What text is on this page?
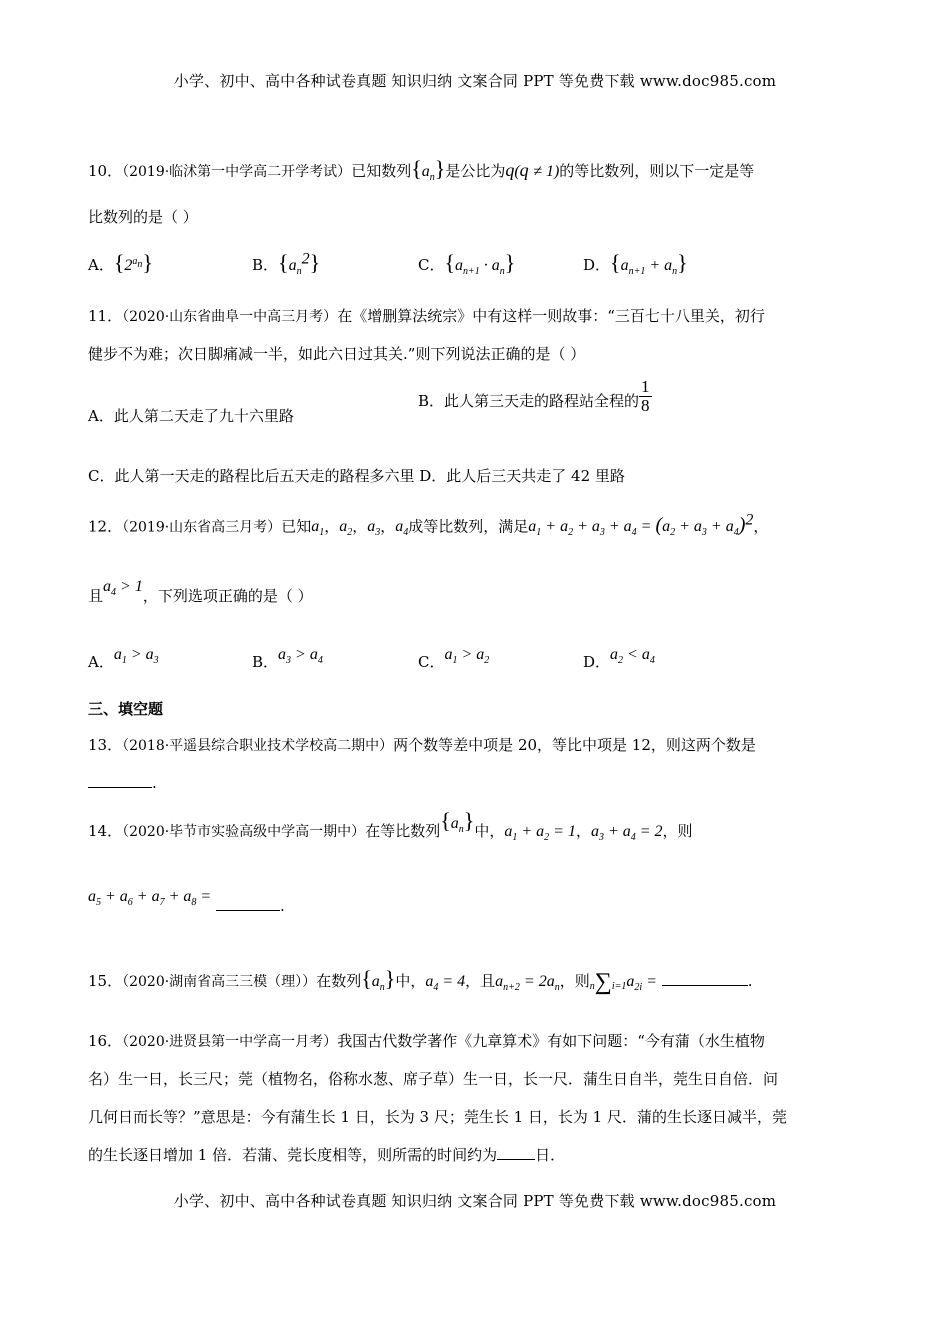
小学、初中、高中各种试卷真题 知识归纳 文案合同 PPT 等免费下载 www.doc985.com
10．（2019·临沭第一中学高二开学考试）已知数列$\{a_n\}$是公比为q(q ≠ 1)的等比数列，则以下一定是等
比数列的是（ ）
A．$\{2^{a_n}\}$	B．$\{a_n^2\}$	C．$\{a_{n+1} \cdot a_n\}$	D．$\{a_{n+1} + a_n\}$
11．（2020·山东省曲阜一中高三月考）在《增删算法统宗》中有这样一则故事：“三百七十八里关，初行
健步不为难；次日脚痛减一半，如此六日过其关.”则下列说法正确的是（ ）
A．此人第二天走了九十六里路
B．此人第三天走的路程站全程的 $\frac{1}{8}$
C．此人第一天走的路程比后五天走的路程多六里 D．此人后三天共走了 42 里路
12．（2019·山东省高三月考）已知$a_1$，$a_2$，$a_3$，$a_4$成等比数列，满足$a_1 + a_2 + a_3 + a_4 = (a_2 + a_3 + a_4)^2$，
且$a_4 > 1$，下列选项正确的是（ ）
A．$a_1 > a_3$	B．$a_3 > a_4$	C．$a_1 > a_2$	D．$a_2 < a_4$
三、填空题
13．（2018·平遥县综合职业技术学校高二期中）两个数等差中项是 20，等比中项是 12，则这两个数是
.
14．（2020·毕节市实验高级中学高一期中）在等比数列$\{a_n\}$中，$a_1 + a_2 = 1$，$a_3 + a_4 = 2$，则
$a_5 + a_6 + a_7 + a_8$ = .
15．（2020·湖南省高三三模（理））在数列$\{a_n\}$中，$a_4 = 4$，且$a_{n+2} = 2a_n$，则$n\sum i=1a_{2i}$ =	.
16．（2020·进贤县第一中学高一月考）我国古代数学著作《九章算术》有如下问题：“今有蒲（水生植物
名）生一日，长三尺；莞（植物名，俗称水葱、席子草）生一日，长一尺．蒲生日自半，莞生日自倍．问
几何日而长等？”意思是：今有蒲生长 1 日，长为 3 尺；莞生长 1 日，长为 1 尺．蒲的生长逐日减半，莞
的生长逐日增加 1 倍．若蒲、莞长度相等，则所需的时间约为	日．
小学、初中、高中各种试卷真题 知识归纳 文案合同 PPT 等免费下载 www.doc985.com
